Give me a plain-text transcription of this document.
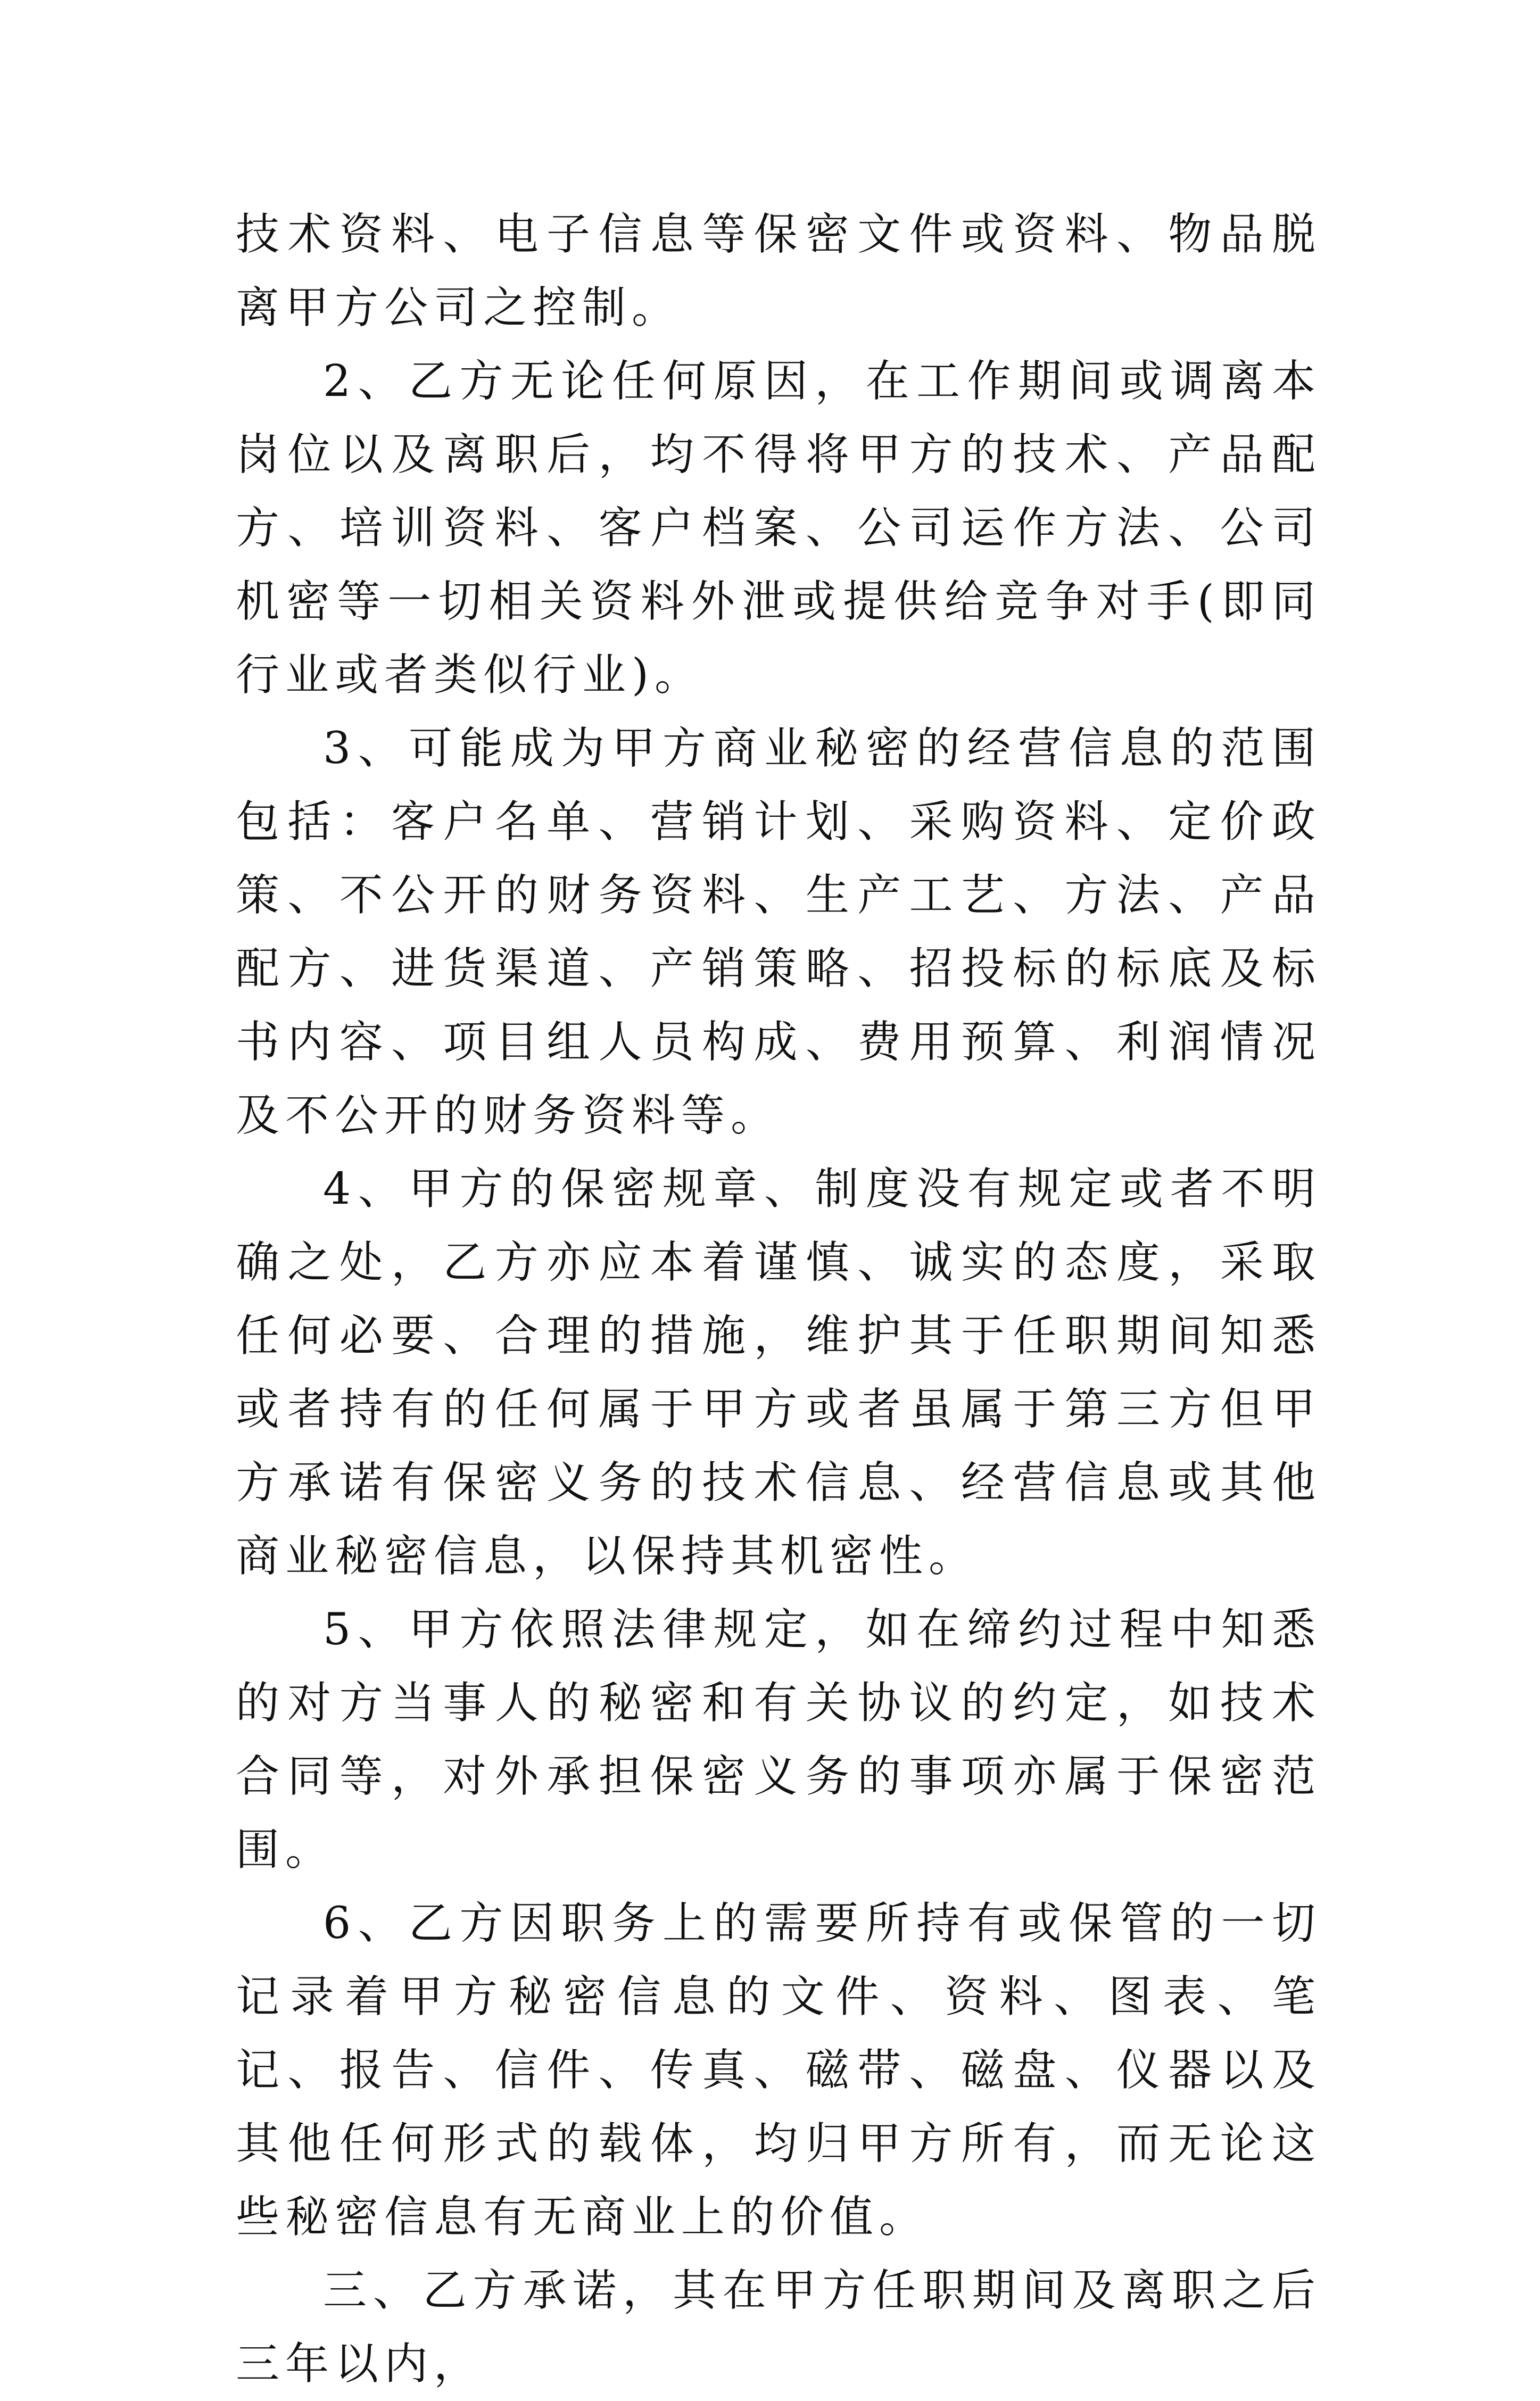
技术资料、电子信息等保密文件或资料、物品脱离甲方公司之控制。

2、乙方无论任何原因，在工作期间或调离本岗位以及离职后，均不得将甲方的技术、产品配方、培训资料、客户档案、公司运作方法、公司机密等一切相关资料外泄或提供给竞争对手(即同行业或者类似行业)。

3、可能成为甲方商业秘密的经营信息的范围包括：客户名单、营销计划、采购资料、定价政策、不公开的财务资料、生产工艺、方法、产品配方、进货渠道、产销策略、招投标的标底及标书内容、项目组人员构成、费用预算、利润情况及不公开的财务资料等。

4、甲方的保密规章、制度没有规定或者不明确之处，乙方亦应本着谨慎、诚实的态度，采取任何必要、合理的措施，维护其于任职期间知悉或者持有的任何属于甲方或者虽属于第三方但甲方承诺有保密义务的技术信息、经营信息或其他商业秘密信息，以保持其机密性。

5、甲方依照法律规定，如在缔约过程中知悉的对方当事人的秘密和有关协议的约定，如技术合同等，对外承担保密义务的事项亦属于保密范围。

6、乙方因职务上的需要所持有或保管的一切记录着甲方秘密信息的文件、资料、图表、笔记、报告、信件、传真、磁带、磁盘、仪器以及其他任何形式的载体，均归甲方所有，而无论这些秘密信息有无商业上的价值。

三、乙方承诺，其在甲方任职期间及离职之后三年以内，
